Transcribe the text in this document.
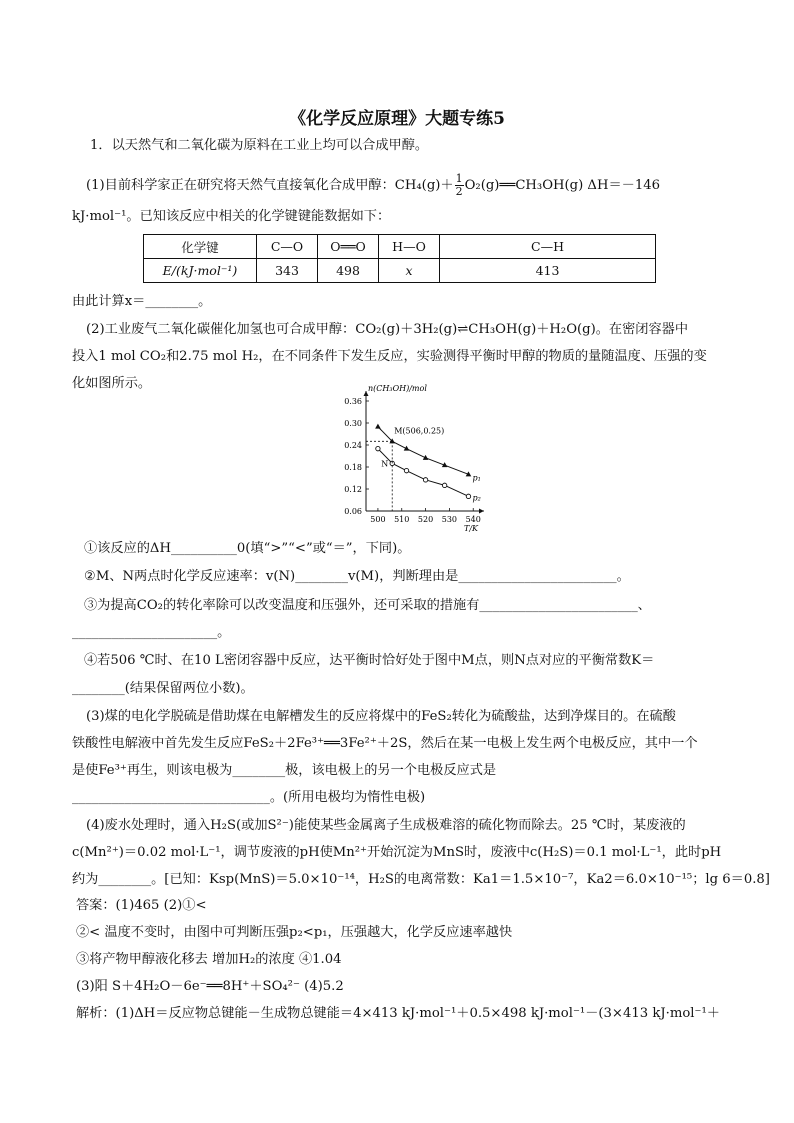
《化学反应原理》大题专练5
1．以天然气和二氧化碳为原料在工业上均可以合成甲醇。
(1)目前科学家正在研究将天然气直接氧化合成甲醇：$CH_4(g)+ \frac{1}{2}$ O₂(g)══CH₃OH(g) ΔH＝－146
kJ·mol⁻¹。已知该反应中相关的化学键键能数据如下：
化学键	C—O	O══O	H—O	C—H
E/(kJ·mol⁻¹)	343	498	x	413
由此计算x＝________。
(2)工业废气二氧化碳催化加氢也可合成甲醇：CO₂(g)＋3H₂(g)⇌CH₃OH(g)＋H₂O(g)。在密闭容器中
投入1 mol CO₂和2.75 mol H₂，在不同条件下发生反应，实验测得平衡时甲醇的物质的量随温度、压强的变
化如图所示。	n(CH₃OH)/mol
T/K
0.06
0.12
0.18
0.24
0.30
0.36
500 510 520 530 540
p₁
p₂
M(506,0.25)
N
①该反应的ΔH__________0(填“>”“<”或“＝”，下同)。
②M、N两点时化学反应速率：v(N)________v(M)，判断理由是________________________。
③为提高CO₂的转化率除可以改变温度和压强外，还可采取的措施有________________________、
______________________。
④若506 ℃时、在10 L密闭容器中反应，达平衡时恰好处于图中M点，则N点对应的平衡常数K＝
________(结果保留两位小数)。
(3)煤的电化学脱硫是借助煤在电解槽发生的反应将煤中的FeS₂转化为硫酸盐，达到净煤目的。在硫酸
铁酸性电解液中首先发生反应FeS₂＋2Fe³⁺══3Fe²⁺＋2S，然后在某一电极上发生两个电极反应，其中一个
是使Fe³⁺再生，则该电极为________极，该电极上的另一个电极反应式是
______________________________。(所用电极均为惰性电极)
(4)废水处理时，通入H₂S(或加S²⁻)能使某些金属离子生成极难溶的硫化物而除去。25 ℃时，某废液的
c(Mn²⁺)＝0.02 mol·L⁻¹，调节废液的pH使Mn²⁺开始沉淀为MnS时，废液中c(H₂S)＝0.1 mol·L⁻¹，此时pH
约为________。[已知：Ksp(MnS)＝5.0×10⁻¹⁴，H₂S的电离常数：Ka1＝1.5×10⁻⁷，Ka2＝6.0×10⁻¹⁵；lg 6＝0.8]
答案：(1)465 (2)①<
②< 温度不变时，由图中可判断压强p₂<p₁，压强越大，化学反应速率越快
③将产物甲醇液化移去 增加H₂的浓度 ④1.04
(3)阳 S＋4H₂O－6e⁻══8H⁺＋SO₄²⁻ (4)5.2
解析：(1)ΔH＝反应物总键能－生成物总键能＝4×413 kJ·mol⁻¹＋0.5×498 kJ·mol⁻¹－(3×413 kJ·mol⁻¹＋
